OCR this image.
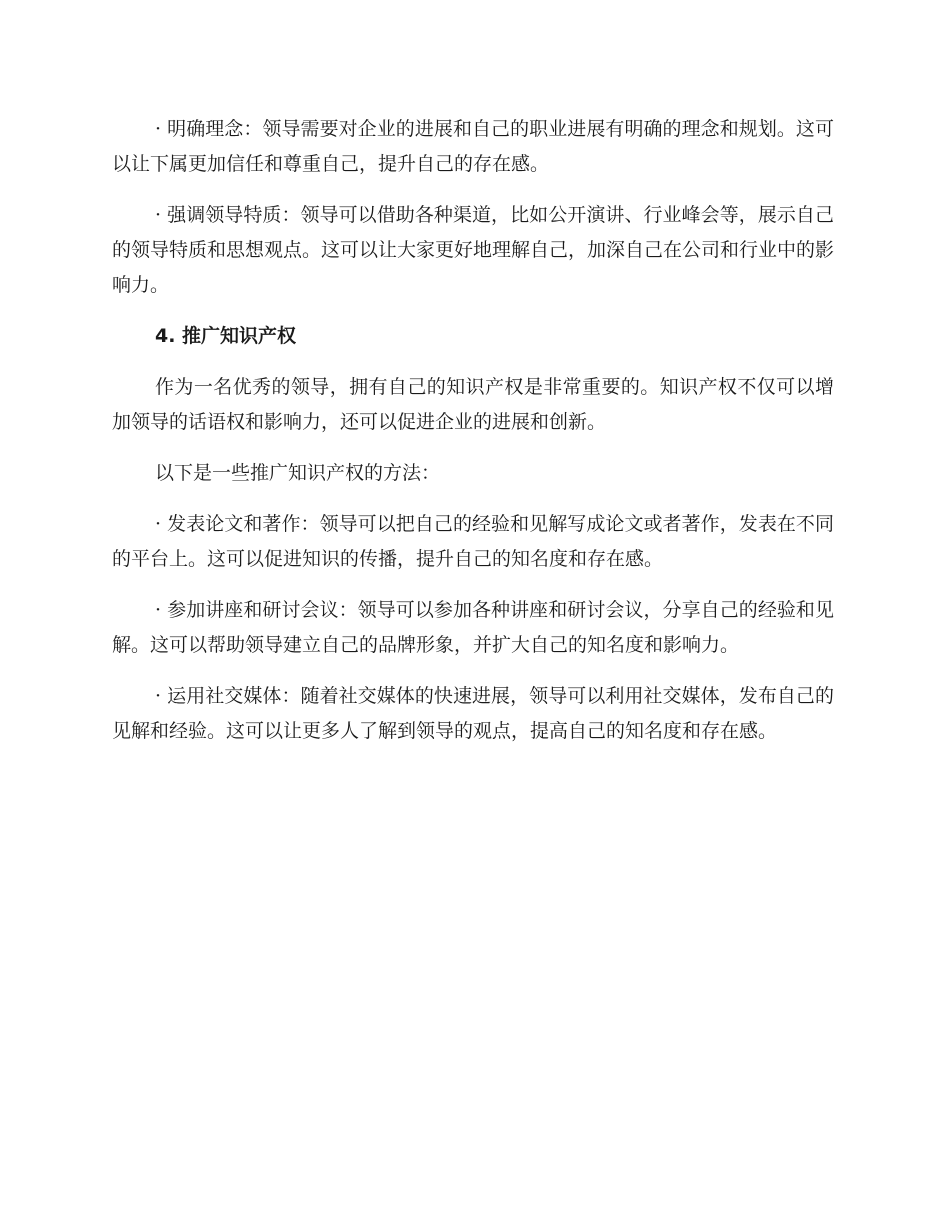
· 明确理念：领导需要对企业的进展和自己的职业进展有明确的理念和规划。这可以让下属更加信任和尊重自己，提升自己的存在感。

· 强调领导特质：领导可以借助各种渠道，比如公开演讲、行业峰会等，展示自己的领导特质和思想观点。这可以让大家更好地理解自己，加深自己在公司和行业中的影响力。

4. 推广知识产权

作为一名优秀的领导，拥有自己的知识产权是非常重要的。知识产权不仅可以增加领导的话语权和影响力，还可以促进企业的进展和创新。

以下是一些推广知识产权的方法：

· 发表论文和著作：领导可以把自己的经验和见解写成论文或者著作，发表在不同的平台上。这可以促进知识的传播，提升自己的知名度和存在感。

· 参加讲座和研讨会议：领导可以参加各种讲座和研讨会议，分享自己的经验和见解。这可以帮助领导建立自己的品牌形象，并扩大自己的知名度和影响力。

· 运用社交媒体：随着社交媒体的快速进展，领导可以利用社交媒体，发布自己的见解和经验。这可以让更多人了解到领导的观点，提高自己的知名度和存在感。
